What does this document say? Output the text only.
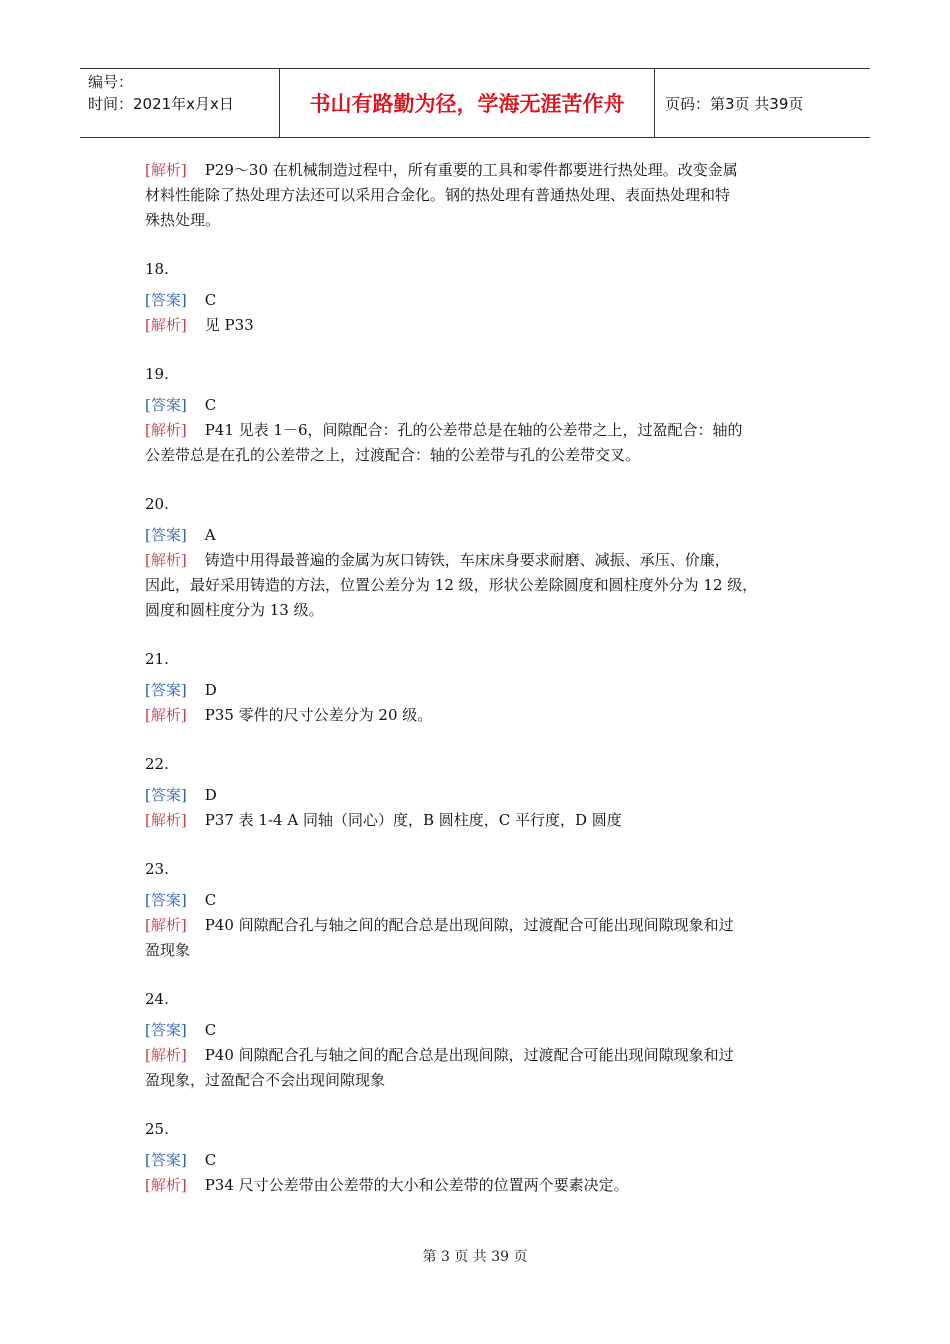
编号：
时间：2021年x月x日	书山有路勤为径，学海无涯苦作舟	页码：第3页 共39页
[解析] P29～30 在机械制造过程中，所有重要的工具和零件都要进行热处理。改变金属
材料性能除了热处理方法还可以采用合金化。钢的热处理有普通热处理、表面热处理和特
殊热处理。
18.
[答案] C
[解析] 见 P33
19.
[答案] C
[解析] P41 见表 1－6，间隙配合：孔的公差带总是在轴的公差带之上，过盈配合：轴的
公差带总是在孔的公差带之上，过渡配合：轴的公差带与孔的公差带交叉。
20.
[答案] A
[解析] 铸造中用得最普遍的金属为灰口铸铁，车床床身要求耐磨、减振、承压、价廉，
因此，最好采用铸造的方法，位置公差分为 12 级，形状公差除圆度和圆柱度外分为 12 级，
圆度和圆柱度分为 13 级。
21.
[答案] D
[解析] P35 零件的尺寸公差分为 20 级。
22.
[答案] D
[解析] P37 表 1-4 A 同轴（同心）度，B 圆柱度，C 平行度，D 圆度
23.
[答案] C
[解析] P40 间隙配合孔与轴之间的配合总是出现间隙，过渡配合可能出现间隙现象和过
盈现象
24.
[答案] C
[解析] P40 间隙配合孔与轴之间的配合总是出现间隙，过渡配合可能出现间隙现象和过
盈现象，过盈配合不会出现间隙现象
25.
[答案] C
[解析] P34 尺寸公差带由公差带的大小和公差带的位置两个要素决定。
第 3 页 共 39 页
